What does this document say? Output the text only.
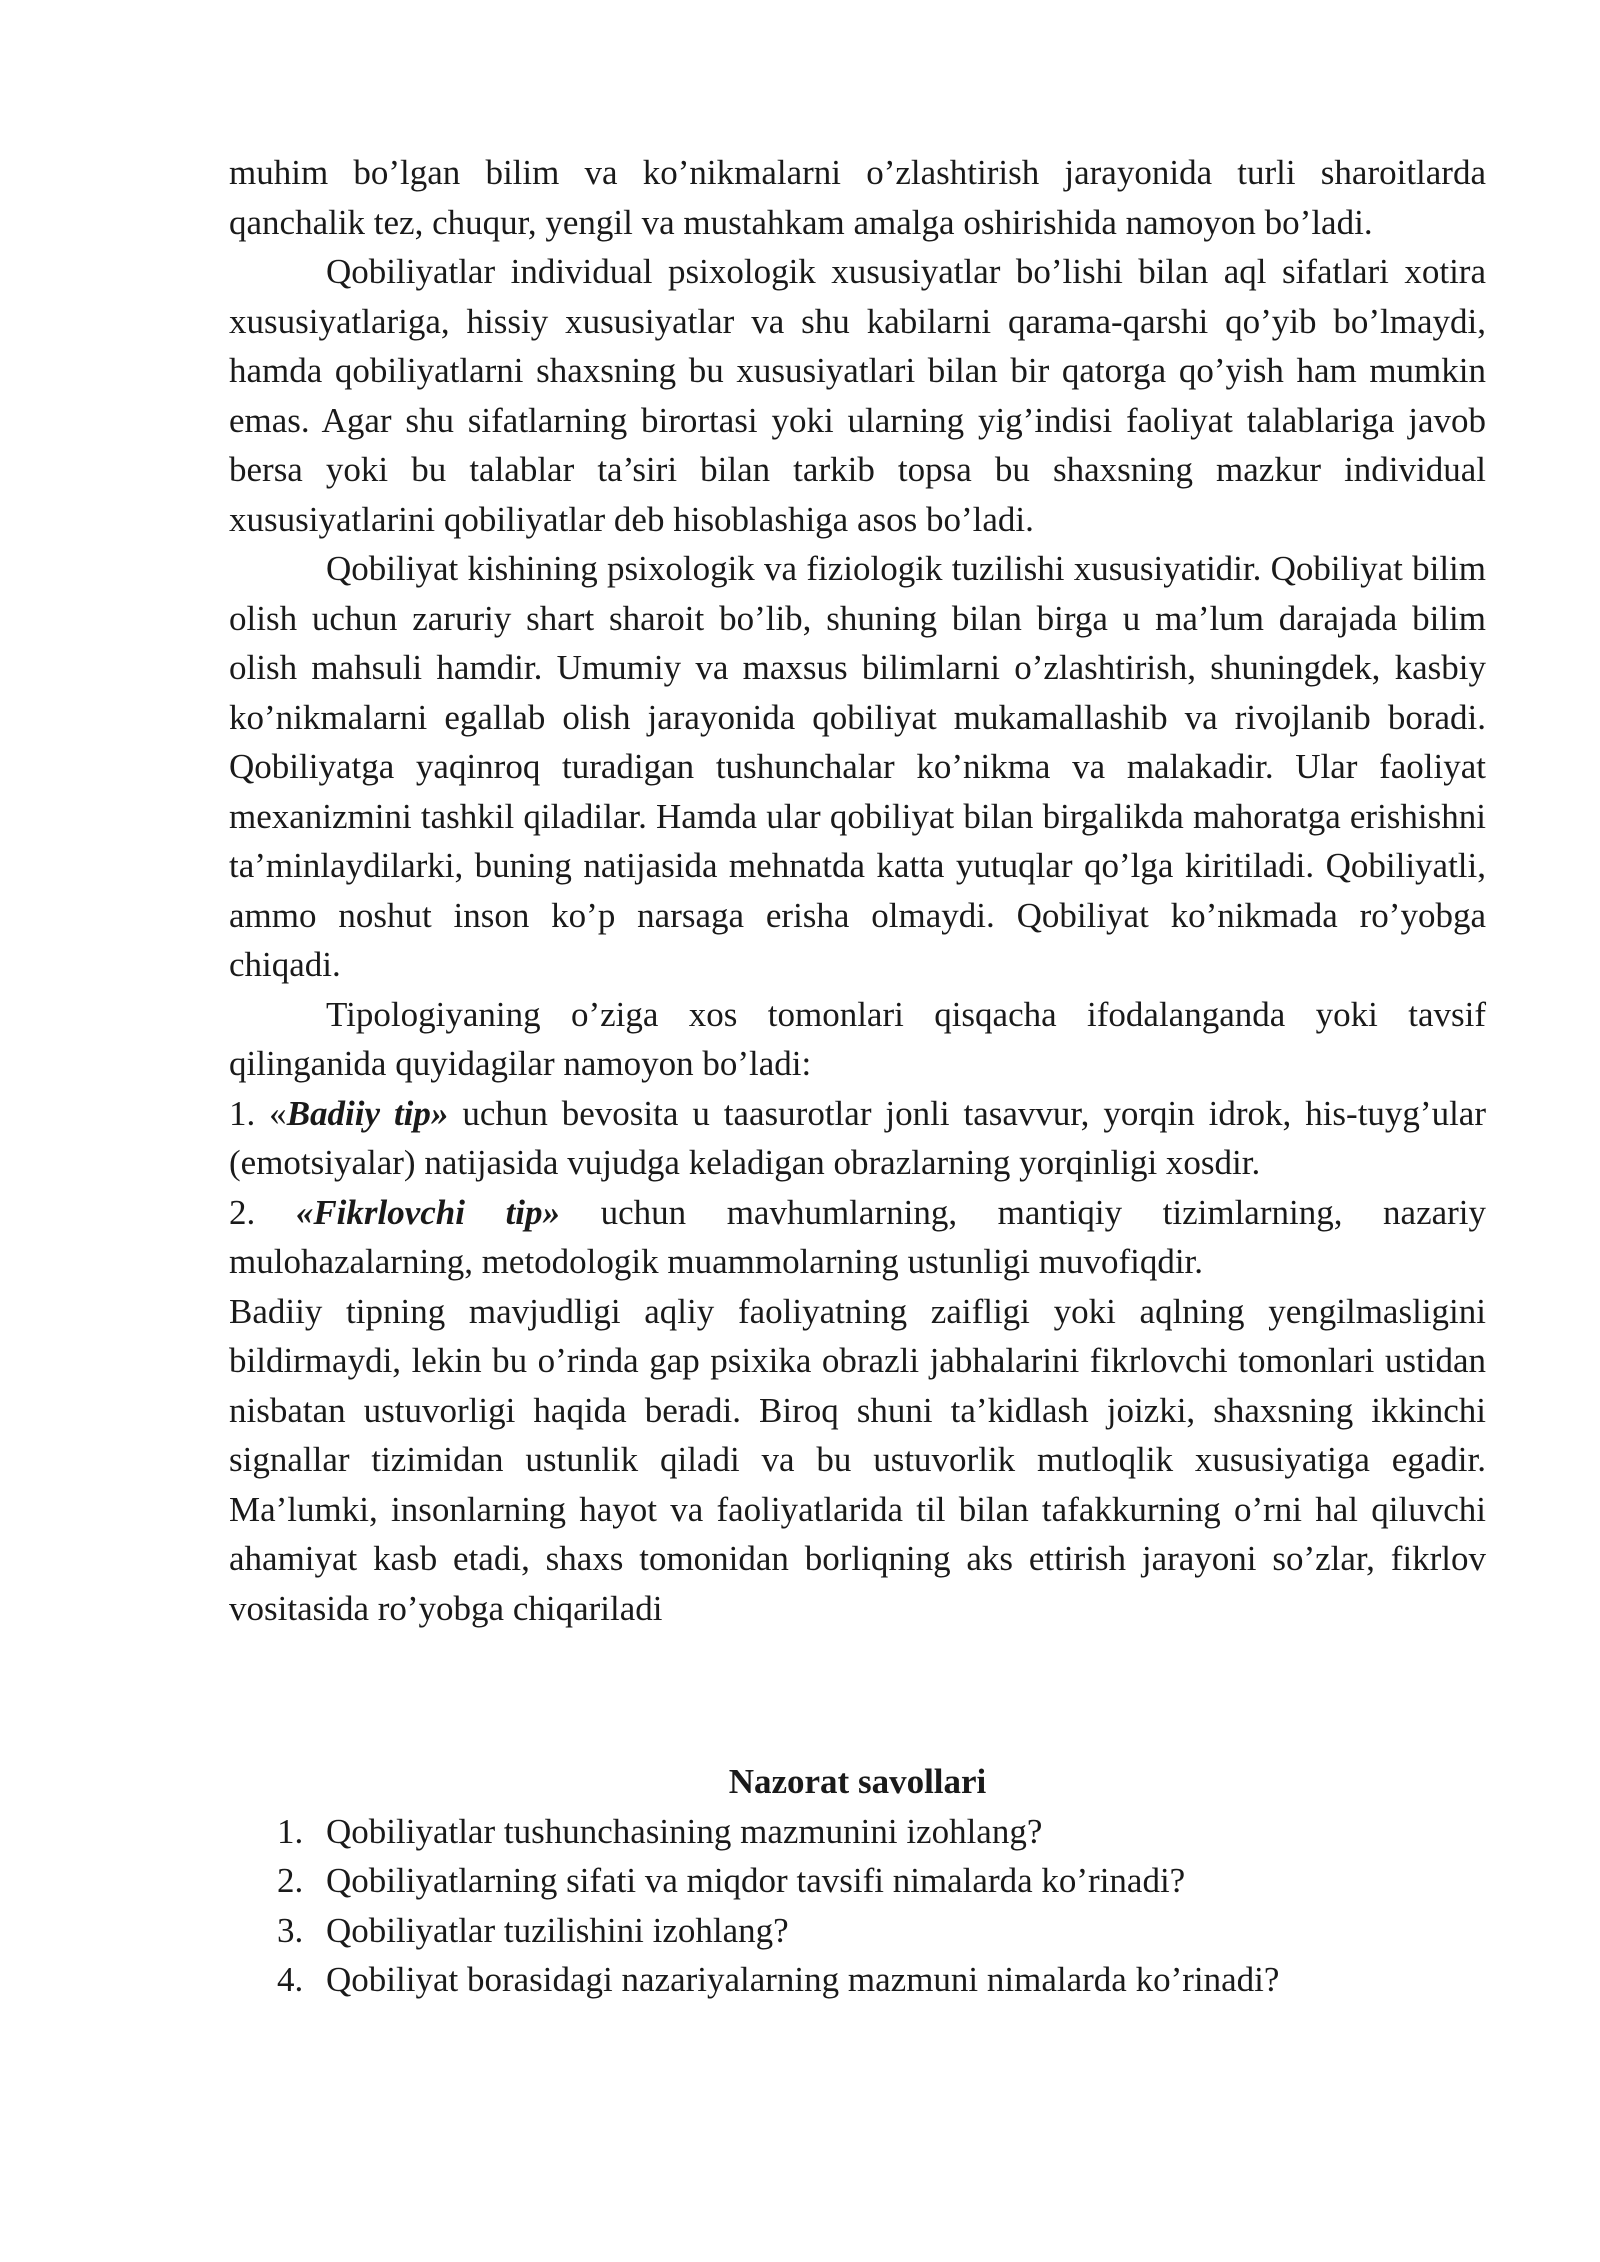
muhim bo’lgan bilim va ko’nikmalarni o’zlashtirish jarayonida turli sharoitlarda qanchalik tez, chuqur, yengil va mustahkam amalga oshirishida namoyon bo’ladi.

Qobiliyatlar individual psixologik xususiyatlar bo’lishi bilan aql sifatlari xotira xususiyatlariga, hissiy xususiyatlar va shu kabilarni qarama-qarshi qo’yib bo’lmaydi, hamda qobiliyatlarni shaxsning bu xususiyatlari bilan bir qatorga qo’yish ham mumkin emas. Agar shu sifatlarning birortasi yoki ularning yig’indisi faoliyat talablariga javob bersa yoki bu talablar ta’siri bilan tarkib topsa bu shaxsning mazkur individual xususiyatlarini qobiliyatlar deb hisoblashiga asos bo’ladi.

Qobiliyat kishining psixologik va fiziologik tuzilishi xususiyatidir. Qobiliyat bilim olish uchun zaruriy shart sharoit bo’lib, shuning bilan birga u ma’lum darajada bilim olish mahsuli hamdir. Umumiy va maxsus bilimlarni o’zlashtirish, shuningdek, kasbiy ko’nikmalarni egallab olish jarayonida qobiliyat mukamallashib va rivojlanib boradi. Qobiliyatga yaqinroq turadigan tushunchalar ko’nikma va malakadir. Ular faoliyat mexanizmini tashkil qiladilar. Hamda ular qobiliyat bilan birgalikda mahoratga erishishni ta’minlaydilarki, buning natijasida mehnatda katta yutuqlar qo’lga kiritiladi. Qobiliyatli, ammo noshut inson ko’p narsaga erisha olmaydi. Qobiliyat ko’nikmada ro’yobga chiqadi.

Tipologiyaning o’ziga xos tomonlari qisqacha ifodalanganda yoki tavsif qilinganida quyidagilar namoyon bo’ladi:

1. «Badiiy tip» uchun bevosita u taasurotlar jonli tasavvur, yorqin idrok, his-tuyg’ular (emotsiyalar) natijasida vujudga keladigan obrazlarning yorqinligi xosdir.

2. «Fikrlovchi tip» uchun mavhumlarning, mantiqiy tizimlarning, nazariy mulohazalarning, metodologik muammolarning ustunligi muvofiqdir.

Badiiy tipning mavjudligi aqliy faoliyatning zaifligi yoki aqlning yengilmasligini bildirmaydi, lekin bu o’rinda gap psixika obrazli jabhalarini fikrlovchi tomonlari ustidan nisbatan ustuvorligi haqida beradi. Biroq shuni ta’kidlash joizki, shaxsning ikkinchi signallar tizimidan ustunlik qiladi va bu ustuvorlik mutloqlik xususiyatiga egadir. Ma’lumki, insonlarning hayot va faoliyatlarida til bilan tafakkurning o’rni hal qiluvchi ahamiyat kasb etadi, shaxs tomonidan borliqning aks ettirish jarayoni so’zlar, fikrlov vositasida ro’yobga chiqariladi

Nazorat savollari

1. Qobiliyatlar tushunchasining mazmunini izohlang?
2. Qobiliyatlarning sifati va miqdor tavsifi nimalarda ko’rinadi?
3. Qobiliyatlar tuzilishini izohlang?
4. Qobiliyat borasidagi nazariyalarning mazmuni nimalarda ko’rinadi?
